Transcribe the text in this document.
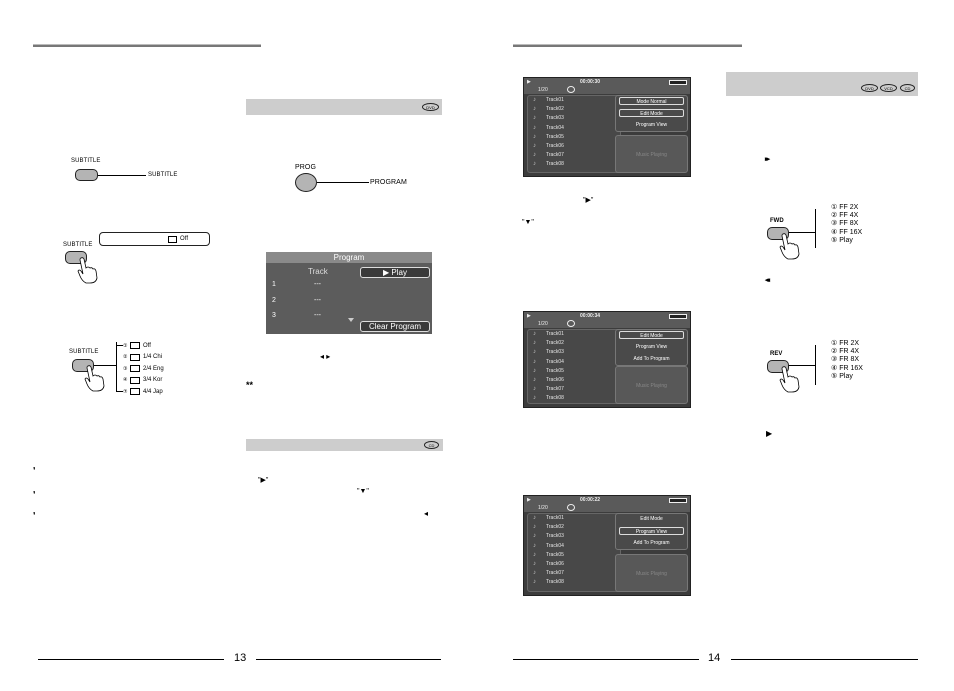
SUBTITLE
SUBTITLE
Off
SUBTITLE
SUBTITLE
①	Off
②	1/4 Chi
③	2/4 Eng
④	3/4 Kor
⑦	4/4 Jap
❜
❜
❜
DVD
PROG
PROGRAM
Program
Track	▶ Play
1	---
2	---
3	---
Clear Program
◂ ▸
**
CD
"▶"
"▼"
◂
13
▶	00:00:30
1/20
♪ Track01
♪ Track02
♪ Track03
♪ Track04
♪ Track05
♪ Track06
♪ Track07
♪ Track08
Mode Normal
Edit Mode
Program View
Music Playing
"▶"
"▼"
▶	00:00:34
1/20
♪ Track01
♪ Track02
♪ Track03
♪ Track04
♪ Track05
♪ Track06
♪ Track07
♪ Track08
Edit Mode
Program View
Add To Program
Music Playing
▶	00:00:22
1/20
♪ Track01
♪ Track02
♪ Track03
♪ Track04
♪ Track05
♪ Track06
♪ Track07
♪ Track08
Edit Mode
Program View
Add To Program
Music Playing
DVD	VCD	CD
▸▸
FWD
① FF 2X
② FF 4X
③ FF 8X
④ FF 16X
⑤ Play
◂◂
REV
① FR 2X
② FR 4X
③ FR 8X
④ FR 16X
⑤ Play
▶
14
